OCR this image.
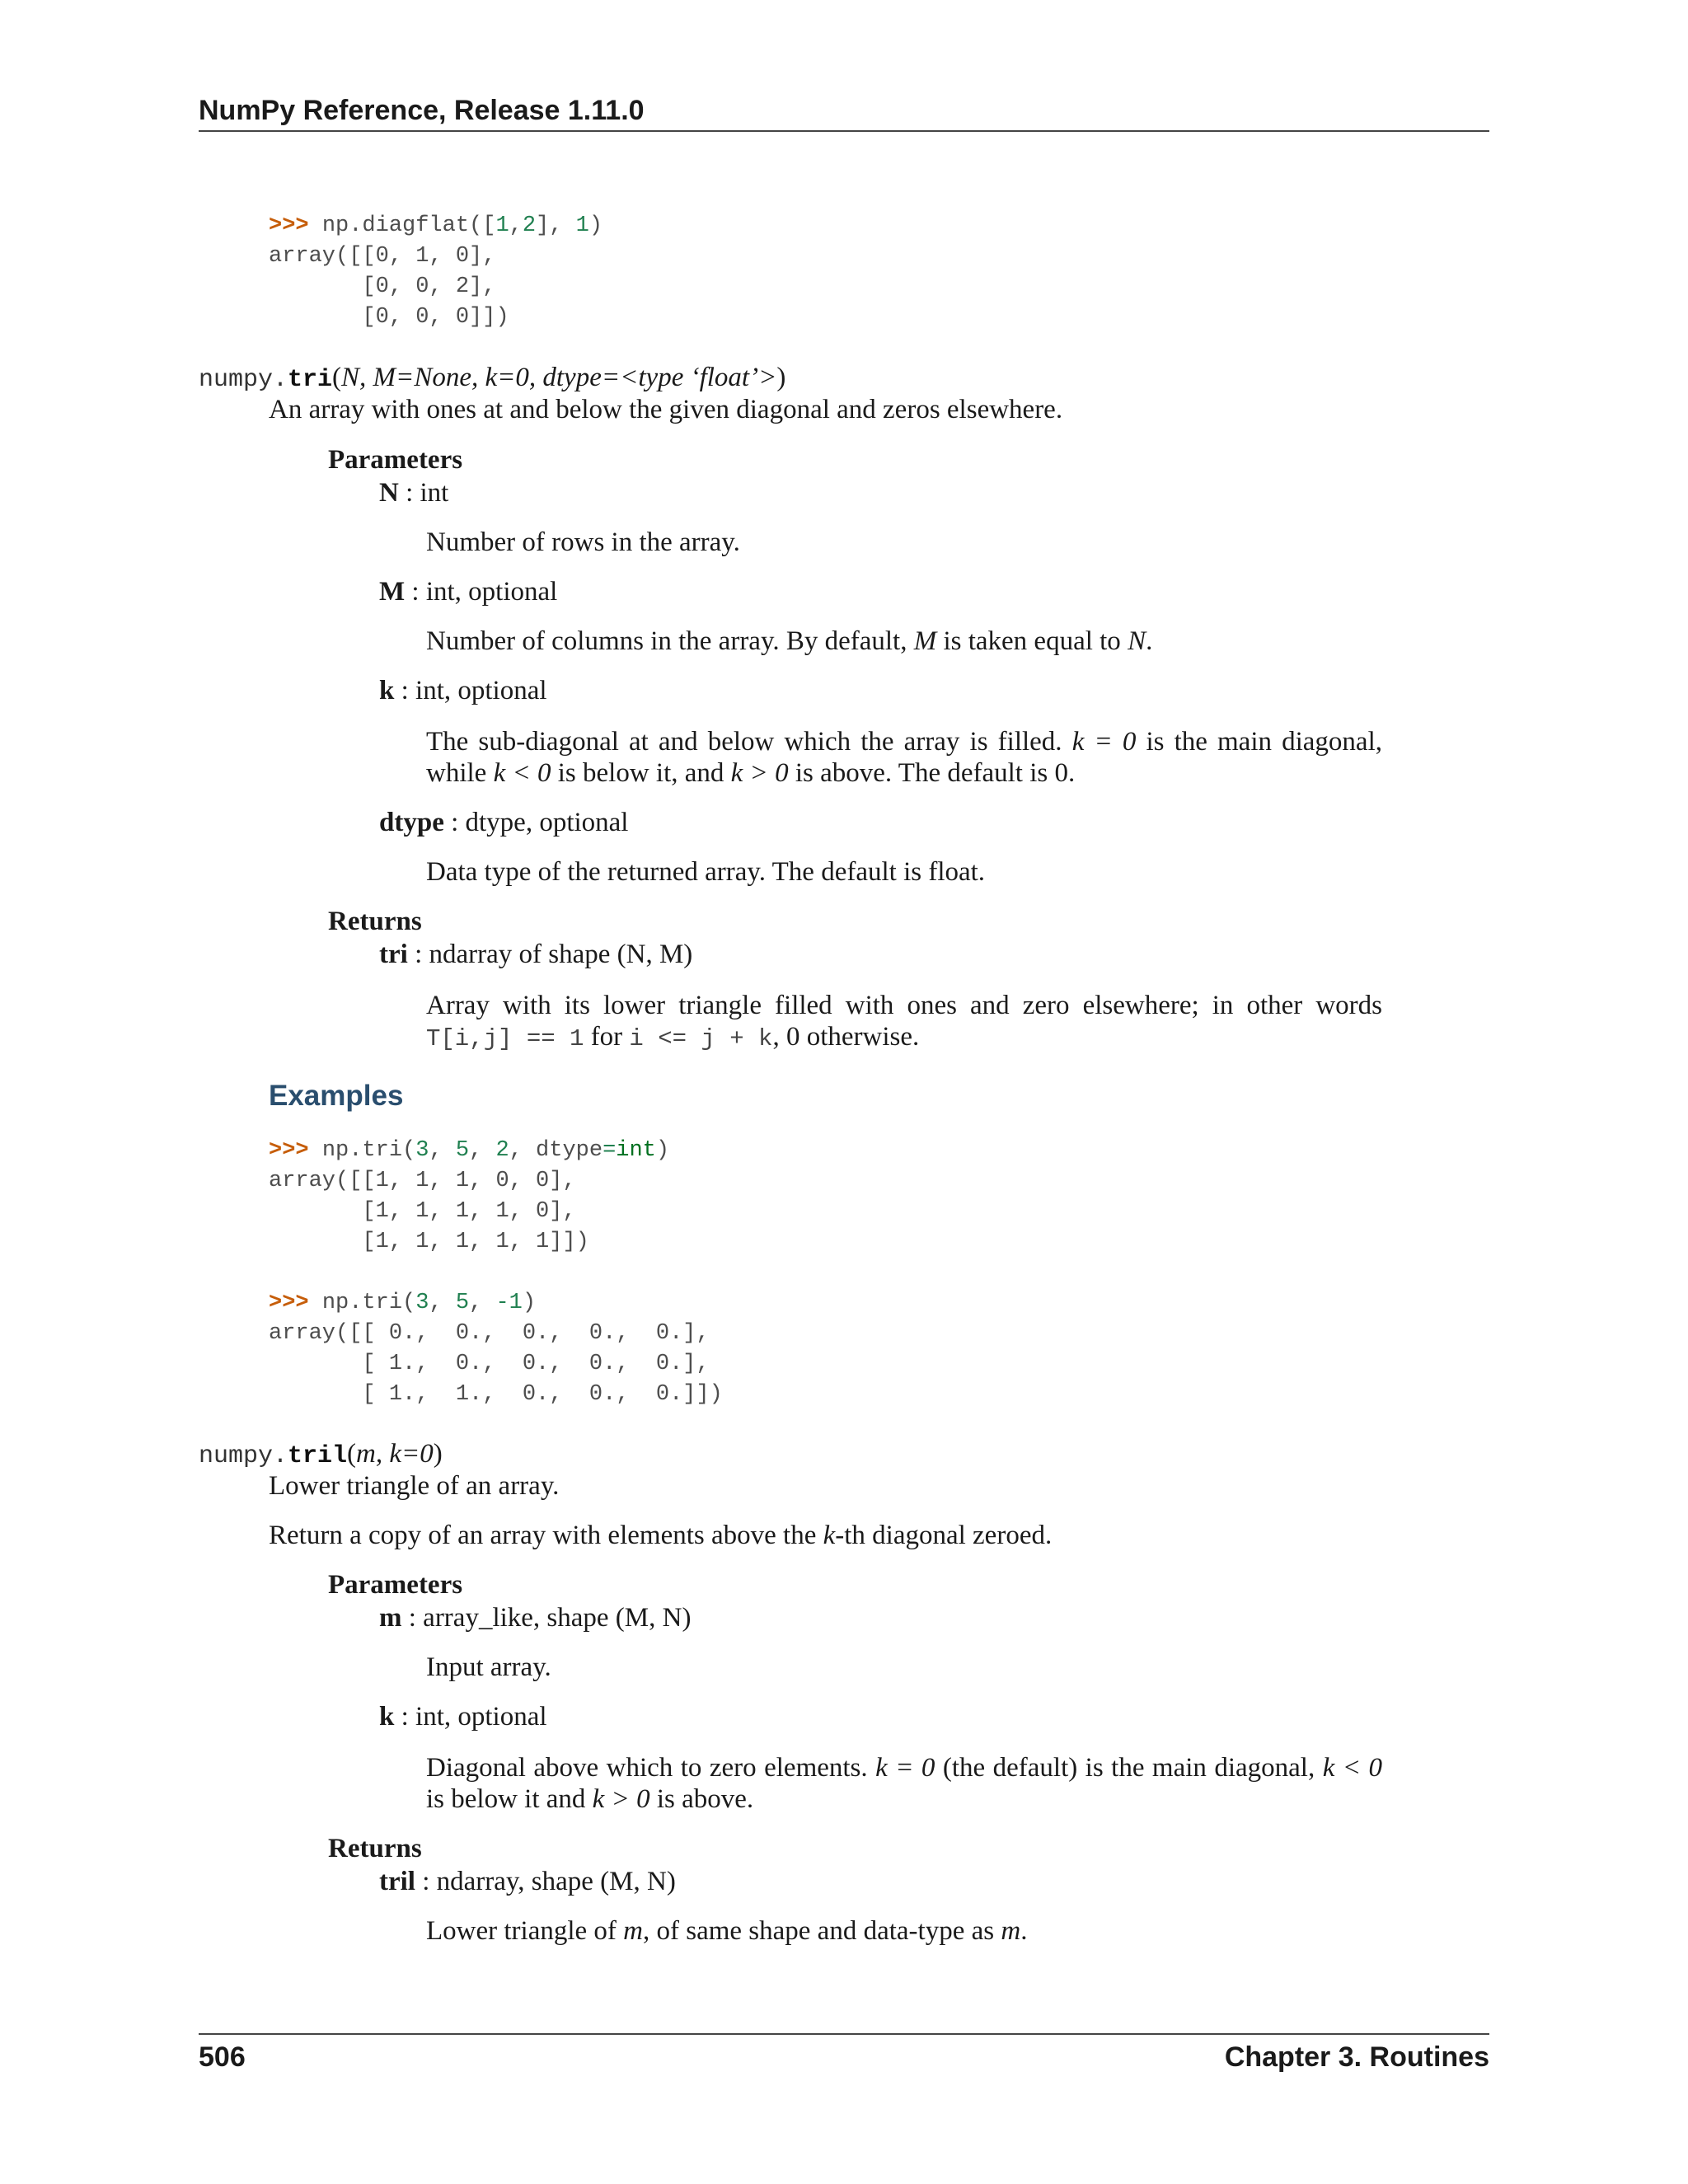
NumPy Reference, Release 1.11.0
>>> np.diagflat([1,2], 1)
array([[0, 1, 0],
[0, 0, 2],
[0, 0, 0]])
numpy.tri(N, M=None, k=0, dtype=<type ‘float’>)
An array with ones at and below the given diagonal and zeros elsewhere.
Parameters
N : int
Number of rows in the array.
M : int, optional
Number of columns in the array. By default, M is taken equal to N.
k : int, optional
The sub-diagonal at and below which the array is filled. k = 0 is the main diagonal,
while k < 0 is below it, and k > 0 is above. The default is 0.
dtype : dtype, optional
Data type of the returned array. The default is float.
Returns
tri : ndarray of shape (N, M)
Array with its lower triangle filled with ones and zero elsewhere; in other words
T[i,j] == 1 for i <= j + k, 0 otherwise.
Examples
>>> np.tri(3, 5, 2, dtype=int)
array([[1, 1, 1, 0, 0],
[1, 1, 1, 1, 0],
[1, 1, 1, 1, 1]])
>>> np.tri(3, 5, -1)
array([[ 0.,  0.,  0.,  0.,  0.],
[ 1.,  0.,  0.,  0.,  0.],
[ 1.,  1.,  0.,  0.,  0.]])
numpy.tril(m, k=0)
Lower triangle of an array.
Return a copy of an array with elements above the k-th diagonal zeroed.
Parameters
m : array_like, shape (M, N)
Input array.
k : int, optional
Diagonal above which to zero elements. k = 0 (the default) is the main diagonal, k < 0
is below it and k > 0 is above.
Returns
tril : ndarray, shape (M, N)
Lower triangle of m, of same shape and data-type as m.
506	Chapter 3. Routines
